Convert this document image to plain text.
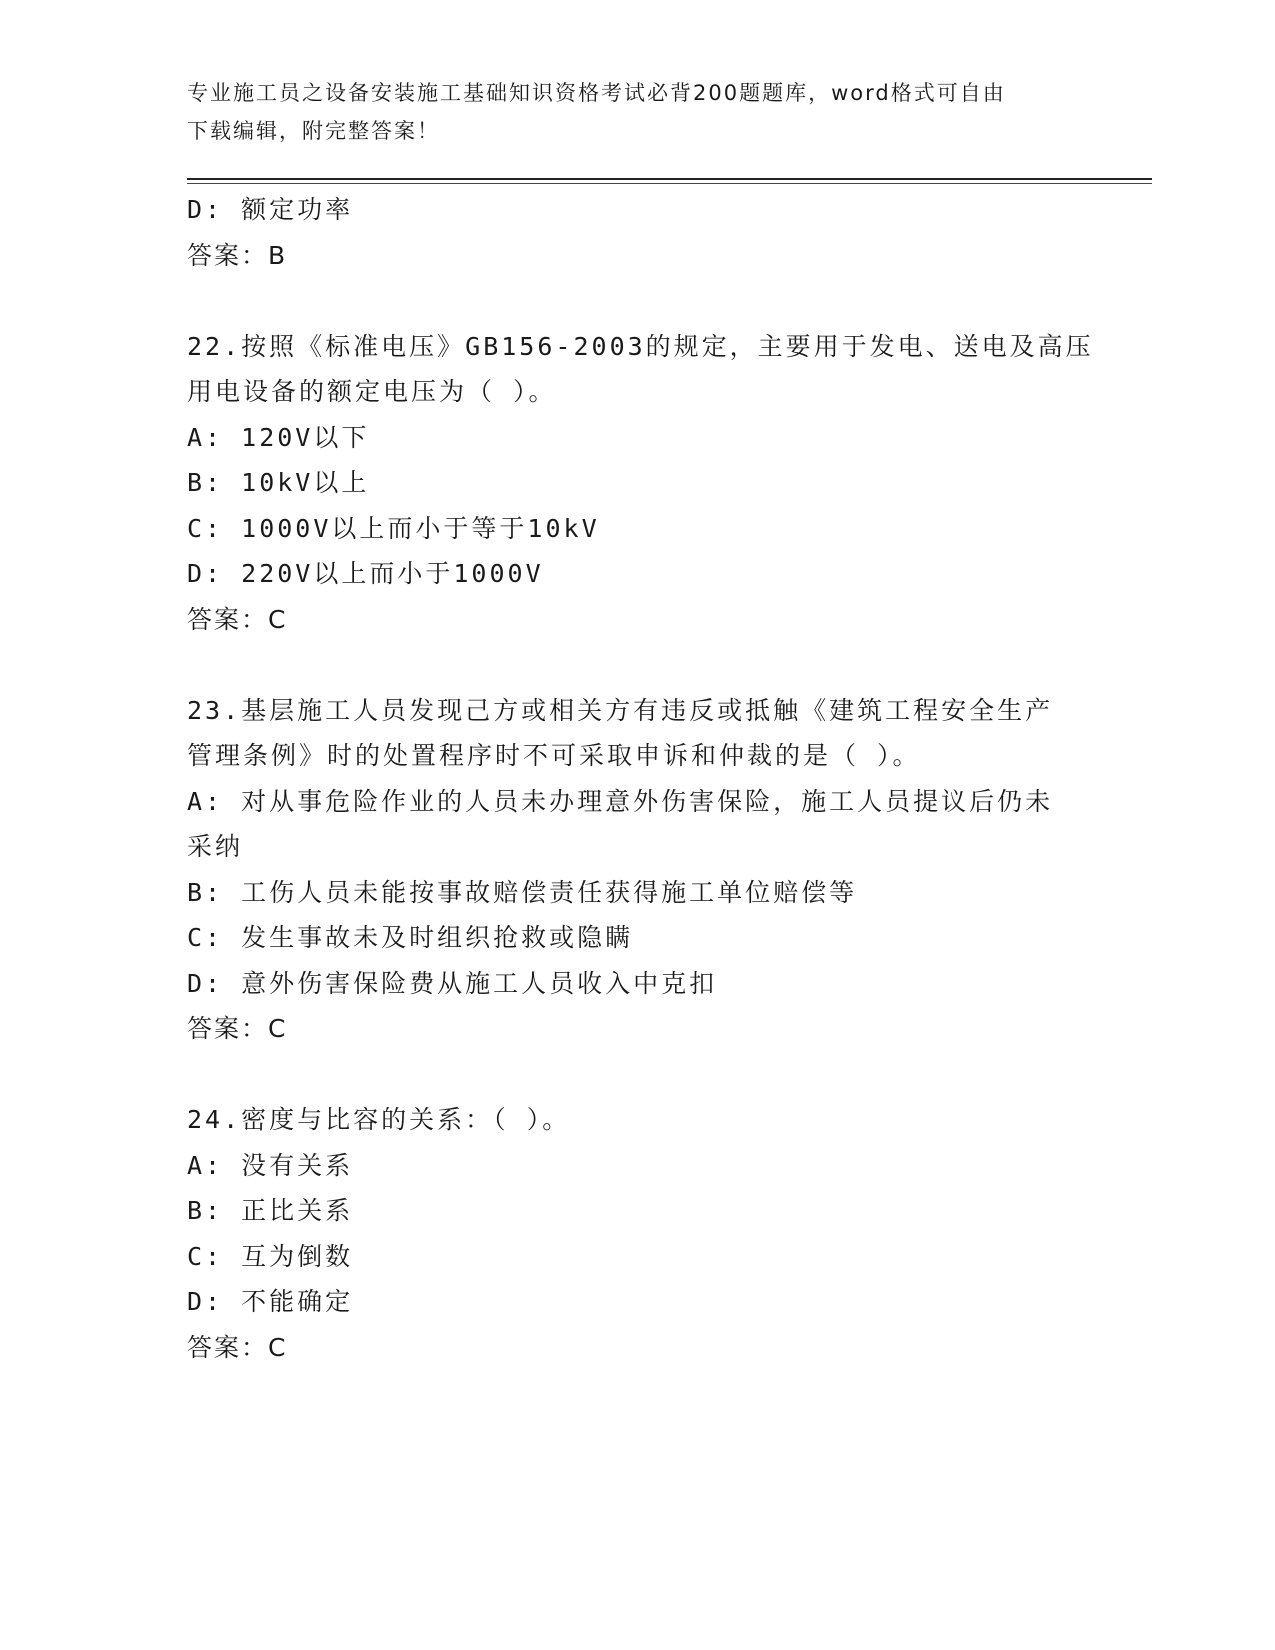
专业施工员之设备安装施工基础知识资格考试必背200题题库，word格式可自由
下载编辑，附完整答案！
D: 额定功率
答案：B
22.按照《标准电压》GB156-2003的规定，主要用于发电、送电及高压
用电设备的额定电压为（ ）。
A: 120V以下
B: 10kV以上
C: 1000V以上而小于等于10kV
D: 220V以上而小于1000V
答案：C
23.基层施工人员发现己方或相关方有违反或抵触《建筑工程安全生产
管理条例》时的处置程序时不可采取申诉和仲裁的是（ ）。
A: 对从事危险作业的人员未办理意外伤害保险，施工人员提议后仍未
采纳
B: 工伤人员未能按事故赔偿责任获得施工单位赔偿等
C: 发生事故未及时组织抢救或隐瞒
D: 意外伤害保险费从施工人员收入中克扣
答案：C
24.密度与比容的关系：（ ）。
A: 没有关系
B: 正比关系
C: 互为倒数
D: 不能确定
答案：C
